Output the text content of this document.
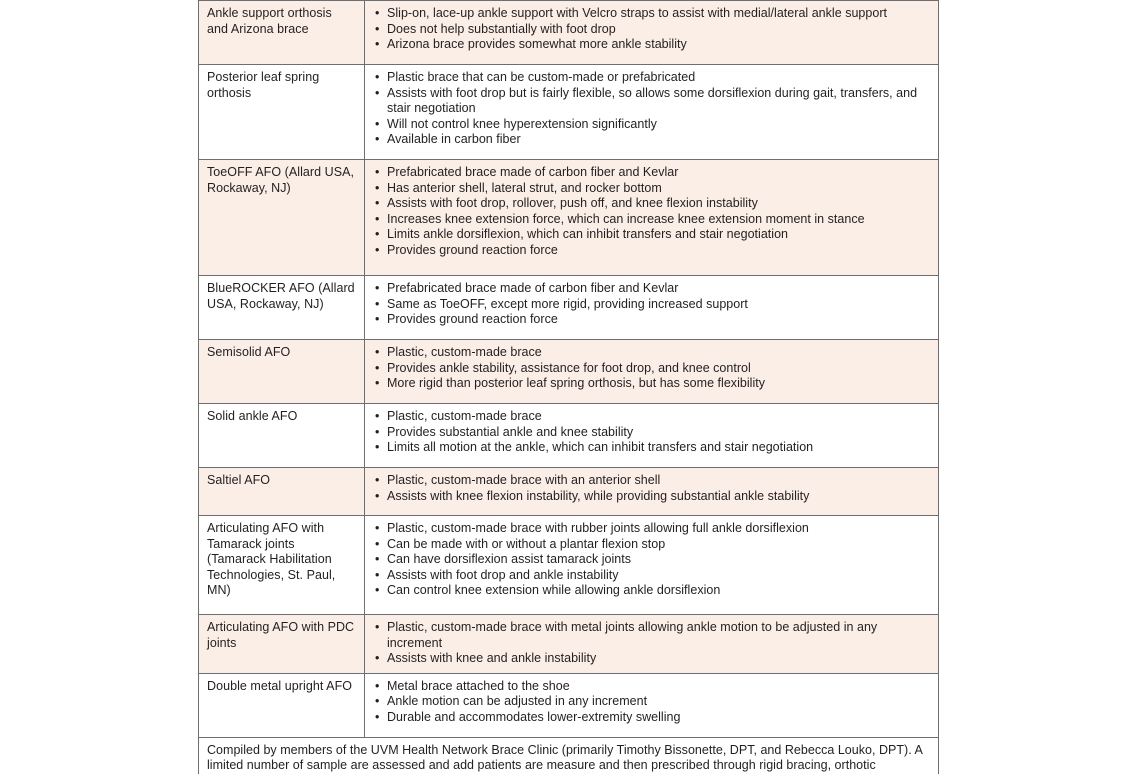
Ankle support orthosis and Arizona brace

• Slip-on, lace-up ankle support with Velcro straps to assist with medial/lateral ankle support
• Does not help substantially with foot drop
• Arizona brace provides somewhat more ankle stability

Posterior leaf spring orthosis

• Plastic brace that can be custom-made or prefabricated
• Assists with foot drop but is fairly flexible, so allows some dorsiflexion during gait, transfers, and stair negotiation
• Will not control knee hyperextension significantly
• Available in carbon fiber

ToeOFF AFO (Allard USA, Rockaway, NJ)

• Prefabricated brace made of carbon fiber and Kevlar
• Has anterior shell, lateral strut, and rocker bottom
• Assists with foot drop, rollover, push off, and knee flexion instability
• Increases knee extension force, which can increase knee extension moment in stance
• Limits ankle dorsiflexion, which can inhibit transfers and stair negotiation
• Provides ground reaction force

BlueROCKER AFO (Allard USA, Rockaway, NJ)

• Prefabricated brace made of carbon fiber and Kevlar
• Same as ToeOFF, except more rigid, providing increased support
• Provides ground reaction force

Semisolid AFO	• Plastic, custom-made brace
• Provides ankle stability, assistance for foot drop, and knee control
• More rigid than posterior leaf spring orthosis, but has some flexibility

Solid ankle AFO	• Plastic, custom-made brace
• Provides substantial ankle and knee stability
• Limits all motion at the ankle, which can inhibit transfers and stair negotiation

Saltiel AFO	• Plastic, custom-made brace with an anterior shell
• Assists with knee flexion instability, while providing substantial ankle stability

Articulating AFO with Tamarack joints (Tamarack Habilitation Technologies, St. Paul, MN)

• Plastic, custom-made brace with rubber joints allowing full ankle dorsiflexion
• Can be made with or without a plantar flexion stop
• Can have dorsiflexion assist tamarack joints
• Assists with foot drop and ankle instability
• Can control knee extension while allowing ankle dorsiflexion

Articulating AFO with PDC joints

• Plastic, custom-made brace with metal joints allowing ankle motion to be adjusted in any increment
• Assists with knee and ankle instability

Double metal upright AFO	• Metal brace attached to the shoe
• Ankle motion can be adjusted in any increment
• Durable and accommodates lower-extremity swelling

Compiled by members of the UVM Health Network Brace Clinic (primarily Timothy Bissonette, DPT, and Rebecca Louko, DPT). A
limited number of sample are assessed and add patients are measure and then prescribed through rigid bracing, orthotic	
